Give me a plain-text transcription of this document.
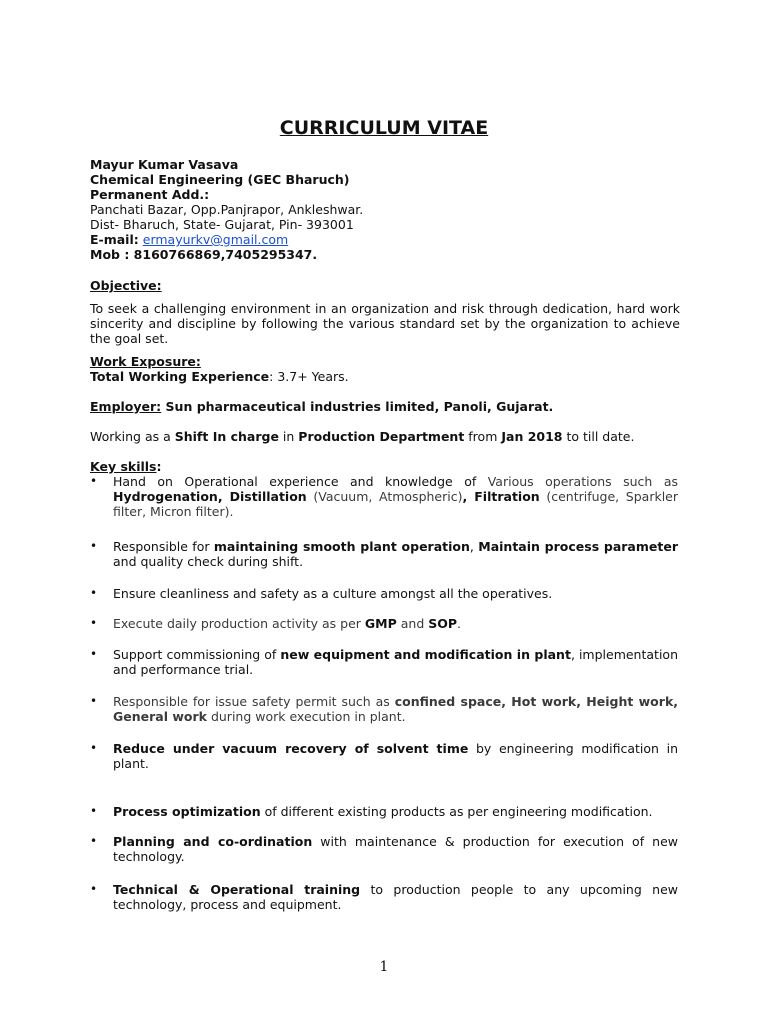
CURRICULUM VITAE
Mayur Kumar Vasava
Chemical Engineering (GEC Bharuch)
Permanent Add.:
Panchati Bazar, Opp.Panjrapor, Ankleshwar.
Dist- Bharuch, State- Gujarat, Pin- 393001
E-mail: ermayurkv@gmail.com
Mob : 8160766869,7405295347.
Objective:
To seek a challenging environment in an organization and risk through dedication, hard work sincerity and discipline by following the various standard set by the organization to achieve the goal set.
Work Exposure:
Total Working Experience: 3.7+ Years.
Employer: Sun pharmaceutical industries limited, Panoli, Gujarat.
Working as a Shift In charge in Production Department from Jan 2018 to till date.
Key skills:
•	Hand on Operational experience and knowledge of Various operations such as Hydrogenation, Distillation (Vacuum, Atmospheric), Filtration (centrifuge, Sparkler filter, Micron filter).
•	Responsible for maintaining smooth plant operation, Maintain process parameter and quality check during shift.
•	Ensure cleanliness and safety as a culture amongst all the operatives.
•	Execute daily production activity as per GMP and SOP.
•	Support commissioning of new equipment and modification in plant, implementation and performance trial.
•	Responsible for issue safety permit such as confined space, Hot work, Height work, General work during work execution in plant.
•	Reduce under vacuum recovery of solvent time by engineering modification in plant.
•	Process optimization of different existing products as per engineering modification.
•	Planning and co-ordination with maintenance & production for execution of new technology.
•	Technical & Operational training to production people to any upcoming new technology, process and equipment.
1
